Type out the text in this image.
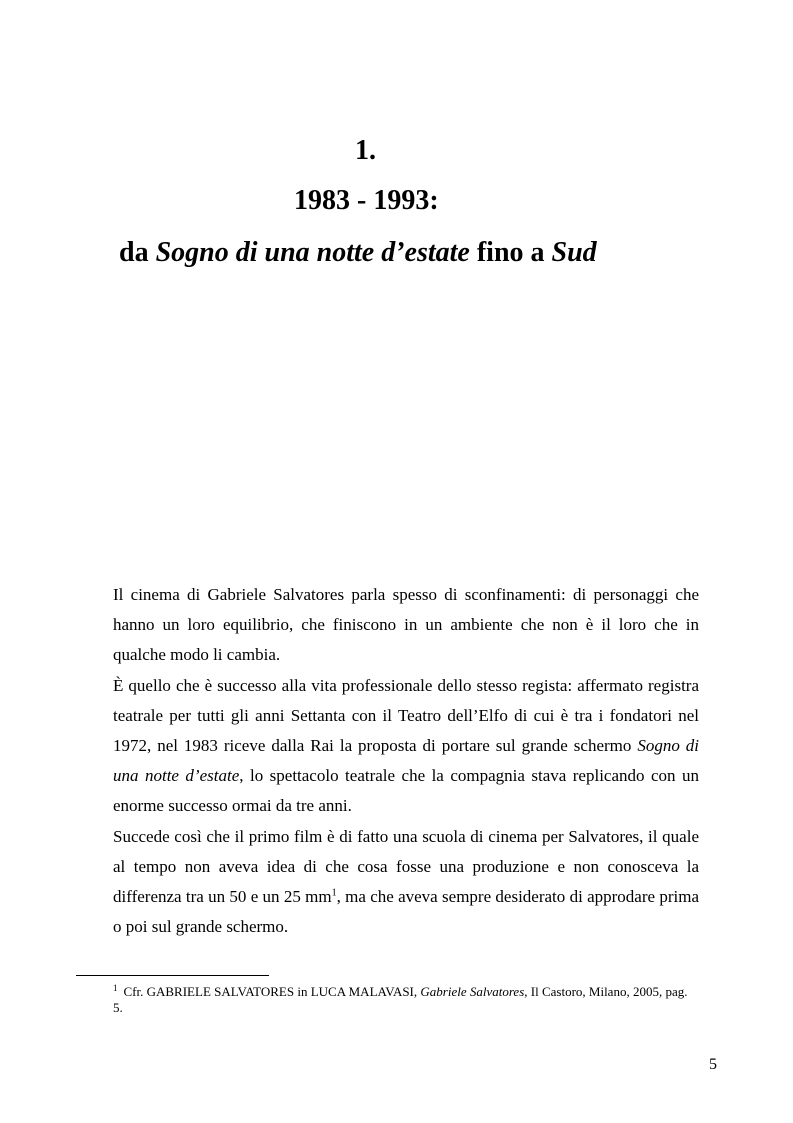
1.
1983 - 1993:
da Sogno di una notte d’estate fino a Sud

Il cinema di Gabriele Salvatores parla spesso di sconfinamenti: di personaggi che hanno un loro equilibrio, che finiscono in un ambiente che non è il loro che in qualche modo li cambia.

È quello che è successo alla vita professionale dello stesso regista: affermato registra teatrale per tutti gli anni Settanta con il Teatro dell’Elfo di cui è tra i fondatori nel 1972, nel 1983 riceve dalla Rai la proposta di portare sul grande schermo Sogno di una notte d’estate, lo spettacolo teatrale che la compagnia stava replicando con un enorme successo ormai da tre anni.

Succede così che il primo film è di fatto una scuola di cinema per Salvatores, il quale al tempo non aveva idea di che cosa fosse una produzione e non conosceva la differenza tra un 50 e un 25 $mm^1$, ma che aveva sempre desiderato di approdare prima o poi sul grande schermo.

$^1$ Cfr. GABRIELE SALVATORES in LUCA MALAVASI, Gabriele Salvatores, Il Castoro, Milano, 2005, pag. 5.
5
